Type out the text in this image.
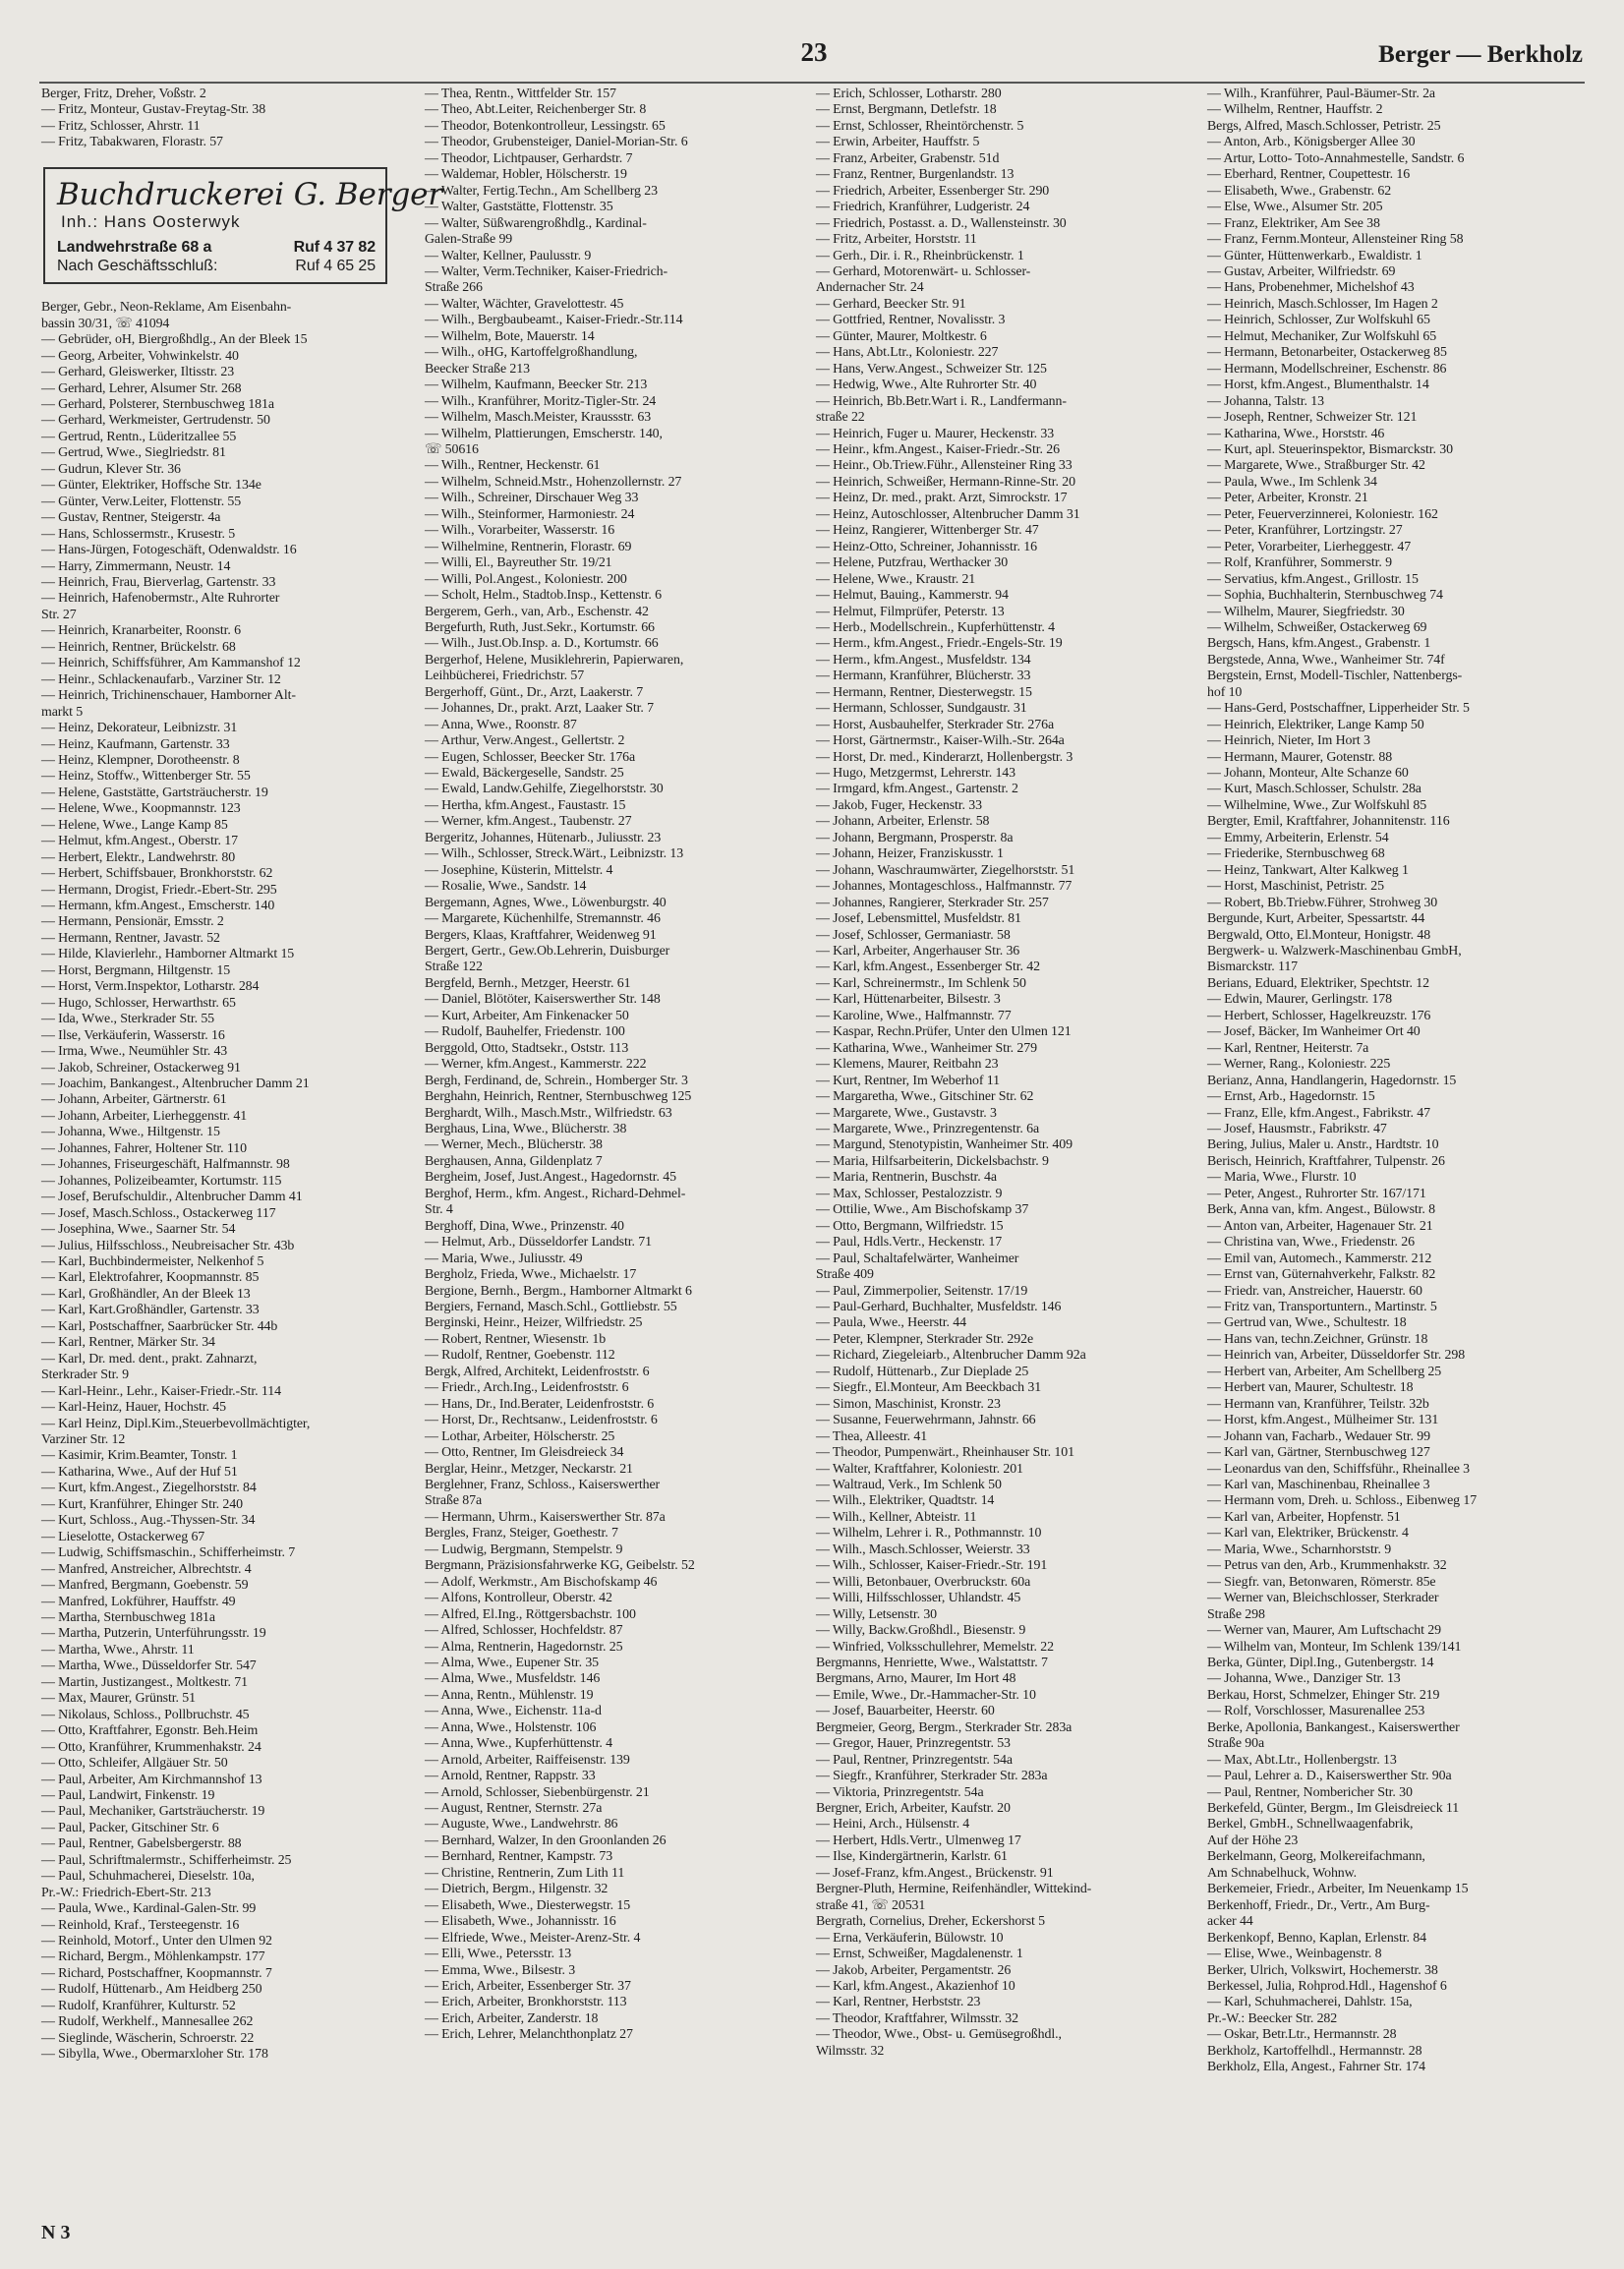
23	Berger — Berkholz
Berger, Fritz, Dreher, Voßstr. 2
— Fritz, Monteur, Gustav-Freytag-Str. 38
— Fritz, Schlosser, Ahrstr. 11
— Fritz, Tabakwaren, Florastr. 57
Buchdruckerei G. Berger
Inh.: Hans Oosterwyk
Landwehrstraße 68 a	Ruf 4 37 82
Nach Geschäftsschluß:	Ruf 4 65 25
Berger, Gebr., Neon-Reklame, Am Eisenbahn-
bassin 30/31, ☏ 41094
— Gebrüder, oH, Biergroßhdlg., An der Bleek 15
— Georg, Arbeiter, Vohwinkelstr. 40
— Gerhard, Gleiswerker, Iltisstr. 23
— Gerhard, Lehrer, Alsumer Str. 268
— Gerhard, Polsterer, Sternbuschweg 181a
— Gerhard, Werkmeister, Gertrudenstr. 50
— Gertrud, Rentn., Lüderitzallee 55
— Gertrud, Wwe., Sieglriedstr. 81
— Gudrun, Klever Str. 36
— Günter, Elektriker, Hoffsche Str. 134e
— Günter, Verw.Leiter, Flottenstr. 55
— Gustav, Rentner, Steigerstr. 4a
— Hans, Schlossermstr., Krusestr. 5
— Hans-Jürgen, Fotogeschäft, Odenwaldstr. 16
— Harry, Zimmermann, Neustr. 14
— Heinrich, Frau, Bierverlag, Gartenstr. 33
— Heinrich, Hafenobermstr., Alte Ruhrorter
Str. 27
— Heinrich, Kranarbeiter, Roonstr. 6
— Heinrich, Rentner, Brückelstr. 68
— Heinrich, Schiffsführer, Am Kammanshof 12
— Heinr., Schlackenaufarb., Varziner Str. 12
— Heinrich, Trichinenschauer, Hamborner Alt-
markt 5
— Heinz, Dekorateur, Leibnizstr. 31
— Heinz, Kaufmann, Gartenstr. 33
— Heinz, Klempner, Dorotheenstr. 8
— Heinz, Stoffw., Wittenberger Str. 55
— Helene, Gaststätte, Gartsträucherstr. 19
— Helene, Wwe., Koopmannstr. 123
— Helene, Wwe., Lange Kamp 85
— Helmut, kfm.Angest., Oberstr. 17
— Herbert, Elektr., Landwehrstr. 80
— Herbert, Schiffsbauer, Bronkhorststr. 62
— Hermann, Drogist, Friedr.-Ebert-Str. 295
— Hermann, kfm.Angest., Emscherstr. 140
— Hermann, Pensionär, Emsstr. 2
— Hermann, Rentner, Javastr. 52
— Hilde, Klavierlehr., Hamborner Altmarkt 15
— Horst, Bergmann, Hiltgenstr. 15
— Horst, Verm.Inspektor, Lotharstr. 284
— Hugo, Schlosser, Herwarthstr. 65
— Ida, Wwe., Sterkrader Str. 55
— Ilse, Verkäuferin, Wasserstr. 16
— Irma, Wwe., Neumühler Str. 43
— Jakob, Schreiner, Ostackerweg 91
— Joachim, Bankangest., Altenbrucher Damm 21
— Johann, Arbeiter, Gärtnerstr. 61
— Johann, Arbeiter, Lierheggenstr. 41
— Johanna, Wwe., Hiltgenstr. 15
— Johannes, Fahrer, Holtener Str. 110
— Johannes, Friseurgeschäft, Halfmannstr. 98
— Johannes, Polizeibeamter, Kortumstr. 115
— Josef, Berufschuldir., Altenbrucher Damm 41
— Josef, Masch.Schloss., Ostackerweg 117
— Josephina, Wwe., Saarner Str. 54
— Julius, Hilfsschloss., Neubreisacher Str. 43b
— Karl, Buchbindermeister, Nelkenhof 5
— Karl, Elektrofahrer, Koopmannstr. 85
— Karl, Großhändler, An der Bleek 13
— Karl, Kart.Großhändler, Gartenstr. 33
— Karl, Postschaffner, Saarbrücker Str. 44b
— Karl, Rentner, Märker Str. 34
— Karl, Dr. med. dent., prakt. Zahnarzt,
Sterkrader Str. 9
— Karl-Heinr., Lehr., Kaiser-Friedr.-Str. 114
— Karl-Heinz, Hauer, Hochstr. 45
— Karl Heinz, Dipl.Kim.,Steuerbevollmächtigter,
Varziner Str. 12
— Kasimir, Krim.Beamter, Tonstr. 1
— Katharina, Wwe., Auf der Huf 51
— Kurt, kfm.Angest., Ziegelhorststr. 84
— Kurt, Kranführer, Ehinger Str. 240
— Kurt, Schloss., Aug.-Thyssen-Str. 34
— Lieselotte, Ostackerweg 67
— Ludwig, Schiffsmaschin., Schifferheimstr. 7
— Manfred, Anstreicher, Albrechtstr. 4
— Manfred, Bergmann, Goebenstr. 59
— Manfred, Lokführer, Hauffstr. 49
— Martha, Sternbuschweg 181a
— Martha, Putzerin, Unterführungsstr. 19
— Martha, Wwe., Ahrstr. 11
— Martha, Wwe., Düsseldorfer Str. 547
— Martin, Justizangest., Moltkestr. 71
— Max, Maurer, Grünstr. 51
— Nikolaus, Schloss., Pollbruchstr. 45
— Otto, Kraftfahrer, Egonstr. Beh.Heim
— Otto, Kranführer, Krummenhakstr. 24
— Otto, Schleifer, Allgäuer Str. 50
— Paul, Arbeiter, Am Kirchmannshof 13
— Paul, Landwirt, Finkenstr. 19
— Paul, Mechaniker, Gartsträucherstr. 19
— Paul, Packer, Gitschiner Str. 6
— Paul, Rentner, Gabelsbergerstr. 88
— Paul, Schriftmalermstr., Schifferheimstr. 25
— Paul, Schuhmacherei, Dieselstr. 10a,
Pr.-W.: Friedrich-Ebert-Str. 213
— Paula, Wwe., Kardinal-Galen-Str. 99
— Reinhold, Kraf., Tersteegenstr. 16
— Reinhold, Motorf., Unter den Ulmen 92
— Richard, Bergm., Möhlenkampstr. 177
— Richard, Postschaffner, Koopmannstr. 7
— Rudolf, Hüttenarb., Am Heidberg 250
— Rudolf, Kranführer, Kulturstr. 52
— Rudolf, Werkhelf., Mannesallee 262
— Sieglinde, Wäscherin, Schroerstr. 22
— Sibylla, Wwe., Obermarxloher Str. 178
— Thea, Rentn., Wittfelder Str. 157
— Theo, Abt.Leiter, Reichenberger Str. 8
— Theodor, Botenkontrolleur, Lessingstr. 65
— Theodor, Grubensteiger, Daniel-Morian-Str. 6
— Theodor, Lichtpauser, Gerhardstr. 7
— Waldemar, Hobler, Hölscherstr. 19
— Walter, Fertig.Techn., Am Schellberg 23
— Walter, Gaststätte, Flottenstr. 35
— Walter, Süßwarengroßhdlg., Kardinal-
Galen-Straße 99
— Walter, Kellner, Paulusstr. 9
— Walter, Verm.Techniker, Kaiser-Friedrich-
Straße 266
— Walter, Wächter, Gravelottestr. 45
— Wilh., Bergbaubeamt., Kaiser-Friedr.-Str.114
— Wilhelm, Bote, Mauerstr. 14
— Wilh., oHG, Kartoffelgroßhandlung,
Beecker Straße 213
— Wilhelm, Kaufmann, Beecker Str. 213
— Wilh., Kranführer, Moritz-Tigler-Str. 24
— Wilhelm, Masch.Meister, Kraussstr. 63
— Wilhelm, Plattierungen, Emscherstr. 140,
☏ 50616
— Wilh., Rentner, Heckenstr. 61
— Wilhelm, Schneid.Mstr., Hohenzollernstr. 27
— Wilh., Schreiner, Dirschauer Weg 33
— Wilh., Steinformer, Harmoniestr. 24
— Wilh., Vorarbeiter, Wasserstr. 16
— Wilhelmine, Rentnerin, Florastr. 69
— Willi, El., Bayreuther Str. 19/21
— Willi, Pol.Angest., Koloniestr. 200
— Scholt, Helm., Stadtob.Insp., Kettenstr. 6
Bergerem, Gerh., van, Arb., Eschenstr. 42
Bergefurth, Ruth, Just.Sekr., Kortumstr. 66
— Wilh., Just.Ob.Insp. a. D., Kortumstr. 66
Bergerhof, Helene, Musiklehrerin, Papierwaren,
Leihbücherei, Friedrichstr. 57
Bergerhoff, Günt., Dr., Arzt, Laakerstr. 7
— Johannes, Dr., prakt. Arzt, Laaker Str. 7
— Anna, Wwe., Roonstr. 87
— Arthur, Verw.Angest., Gellertstr. 2
— Eugen, Schlosser, Beecker Str. 176a
— Ewald, Bäckergeselle, Sandstr. 25
— Ewald, Landw.Gehilfe, Ziegelhorststr. 30
— Hertha, kfm.Angest., Faustastr. 15
— Werner, kfm.Angest., Taubenstr. 27
Bergeritz, Johannes, Hütenarb., Juliusstr. 23
— Wilh., Schlosser, Streck.Wärt., Leibnizstr. 13
— Josephine, Küsterin, Mittelstr. 4
— Rosalie, Wwe., Sandstr. 14
Bergemann, Agnes, Wwe., Löwenburgstr. 40
— Margarete, Küchenhilfe, Stremannstr. 46
Bergers, Klaas, Kraftfahrer, Weidenweg 91
Bergert, Gertr., Gew.Ob.Lehrerin, Duisburger
Straße 122
Bergfeld, Bernh., Metzger, Heerstr. 61
— Daniel, Blötöter, Kaiserswerther Str. 148
— Kurt, Arbeiter, Am Finkenacker 50
— Rudolf, Bauhelfer, Friedenstr. 100
Berggold, Otto, Stadtsekr., Oststr. 113
— Werner, kfm.Angest., Kammerstr. 222
Bergh, Ferdinand, de, Schrein., Homberger Str. 3
Berghahn, Heinrich, Rentner, Sternbuschweg 125
Berghardt, Wilh., Masch.Mstr., Wilfriedstr. 63
Berghaus, Lina, Wwe., Blücherstr. 38
— Werner, Mech., Blücherstr. 38
Berghausen, Anna, Gildenplatz 7
Bergheim, Josef, Just.Angest., Hagedornstr. 45
Berghof, Herm., kfm. Angest., Richard-Dehmel-
Str. 4
Berghoff, Dina, Wwe., Prinzenstr. 40
— Helmut, Arb., Düsseldorfer Landstr. 71
— Maria, Wwe., Juliusstr. 49
Bergholz, Frieda, Wwe., Michaelstr. 17
Bergione, Bernh., Bergm., Hamborner Altmarkt 6
Bergiers, Fernand, Masch.Schl., Gottliebstr. 55
Berginski, Heinr., Heizer, Wilfriedstr. 25
— Robert, Rentner, Wiesenstr. 1b
— Rudolf, Rentner, Goebenstr. 112
Bergk, Alfred, Architekt, Leidenfroststr. 6
— Friedr., Arch.Ing., Leidenfroststr. 6
— Hans, Dr., Ind.Berater, Leidenfroststr. 6
— Horst, Dr., Rechtsanw., Leidenfroststr. 6
— Lothar, Arbeiter, Hölscherstr. 25
— Otto, Rentner, Im Gleisdreieck 34
Berglar, Heinr., Metzger, Neckarstr. 21
Berglehner, Franz, Schloss., Kaiserswerther
Straße 87a
— Hermann, Uhrm., Kaiserswerther Str. 87a
Bergles, Franz, Steiger, Goethestr. 7
— Ludwig, Bergmann, Stempelstr. 9
Bergmann, Präzisionsfahrwerke KG, Geibelstr. 52
— Adolf, Werkmstr., Am Bischofskamp 46
— Alfons, Kontrolleur, Oberstr. 42
— Alfred, El.Ing., Röttgersbachstr. 100
— Alfred, Schlosser, Hochfeldstr. 87
— Alma, Rentnerin, Hagedornstr. 25
— Alma, Wwe., Eupener Str. 35
— Alma, Wwe., Musfeldstr. 146
— Anna, Rentn., Mühlenstr. 19
— Anna, Wwe., Eichenstr. 11a-d
— Anna, Wwe., Holstenstr. 106
— Anna, Wwe., Kupferhüttenstr. 4
— Arnold, Arbeiter, Raiffeisenstr. 139
— Arnold, Rentner, Rappstr. 33
— Arnold, Schlosser, Siebenbürgenstr. 21
— August, Rentner, Sternstr. 27a
— Auguste, Wwe., Landwehrstr. 86
— Bernhard, Walzer, In den Groonlanden 26
— Bernhard, Rentner, Kampstr. 73
— Christine, Rentnerin, Zum Lith 11
— Dietrich, Bergm., Hilgenstr. 32
— Elisabeth, Wwe., Diesterwegstr. 15
— Elisabeth, Wwe., Johannisstr. 16
— Elfriede, Wwe., Meister-Arenz-Str. 4
— Elli, Wwe., Petersstr. 13
— Emma, Wwe., Bilsestr. 3
— Erich, Arbeiter, Essenberger Str. 37
— Erich, Arbeiter, Bronkhorststr. 113
— Erich, Arbeiter, Zanderstr. 18
— Erich, Lehrer, Melanchthonplatz 27
— Erich, Schlosser, Lotharstr. 280
— Ernst, Bergmann, Detlefstr. 18
— Ernst, Schlosser, Rheintörchenstr. 5
— Erwin, Arbeiter, Hauffstr. 5
— Franz, Arbeiter, Grabenstr. 51d
— Franz, Rentner, Burgenlandstr. 13
— Friedrich, Arbeiter, Essenberger Str. 290
— Friedrich, Kranführer, Ludgeristr. 24
— Friedrich, Postasst. a. D., Wallensteinstr. 30
— Fritz, Arbeiter, Horststr. 11
— Gerh., Dir. i. R., Rheinbrückenstr. 1
— Gerhard, Motorenwärt- u. Schlosser-
Andernacher Str. 24
— Gerhard, Beecker Str. 91
— Gottfried, Rentner, Novalisstr. 3
— Günter, Maurer, Moltkestr. 6
— Hans, Abt.Ltr., Koloniestr. 227
— Hans, Verw.Angest., Schweizer Str. 125
— Hedwig, Wwe., Alte Ruhrorter Str. 40
— Heinrich, Bb.Betr.Wart i. R., Landfermann-
straße 22
— Heinrich, Fuger u. Maurer, Heckenstr. 33
— Heinr., kfm.Angest., Kaiser-Friedr.-Str. 26
— Heinr., Ob.Triew.Führ., Allensteiner Ring 33
— Heinrich, Schweißer, Hermann-Rinne-Str. 20
— Heinz, Dr. med., prakt. Arzt, Simrockstr. 17
— Heinz, Autoschlosser, Altenbrucher Damm 31
— Heinz, Rangierer, Wittenberger Str. 47
— Heinz-Otto, Schreiner, Johannisstr. 16
— Helene, Putzfrau, Werthacker 30
— Helene, Wwe., Kraustr. 21
— Helmut, Bauing., Kammerstr. 94
— Helmut, Filmprüfer, Peterstr. 13
— Herb., Modellschrein., Kupferhüttenstr. 4
— Herm., kfm.Angest., Friedr.-Engels-Str. 19
— Herm., kfm.Angest., Musfeldstr. 134
— Hermann, Kranführer, Blücherstr. 33
— Hermann, Rentner, Diesterwegstr. 15
— Hermann, Schlosser, Sundgaustr. 31
— Horst, Ausbauhelfer, Sterkrader Str. 276a
— Horst, Gärtnermstr., Kaiser-Wilh.-Str. 264a
— Horst, Dr. med., Kinderarzt, Hollenbergstr. 3
— Hugo, Metzgermst, Lehrerstr. 143
— Irmgard, kfm.Angest., Gartenstr. 2
— Jakob, Fuger, Heckenstr. 33
— Johann, Arbeiter, Erlenstr. 58
— Johann, Bergmann, Prosperstr. 8a
— Johann, Heizer, Franziskusstr. 1
— Johann, Waschraumwärter, Ziegelhorststr. 51
— Johannes, Montageschloss., Halfmannstr. 77
— Johannes, Rangierer, Sterkrader Str. 257
— Josef, Lebensmittel, Musfeldstr. 81
— Josef, Schlosser, Germaniastr. 58
— Karl, Arbeiter, Angerhauser Str. 36
— Karl, kfm.Angest., Essenberger Str. 42
— Karl, Schreinermstr., Im Schlenk 50
— Karl, Hüttenarbeiter, Bilsestr. 3
— Karoline, Wwe., Halfmannstr. 77
— Kaspar, Rechn.Prüfer, Unter den Ulmen 121
— Katharina, Wwe., Wanheimer Str. 279
— Klemens, Maurer, Reitbahn 23
— Kurt, Rentner, Im Weberhof 11
— Margaretha, Wwe., Gitschiner Str. 62
— Margarete, Wwe., Gustavstr. 3
— Margarete, Wwe., Prinzregentenstr. 6a
— Margund, Stenotypistin, Wanheimer Str. 409
— Maria, Hilfsarbeiterin, Dickelsbachstr. 9
— Maria, Rentnerin, Buschstr. 4a
— Max, Schlosser, Pestalozzistr. 9
— Ottilie, Wwe., Am Bischofskamp 37
— Otto, Bergmann, Wilfriedstr. 15
— Paul, Hdls.Vertr., Heckenstr. 17
— Paul, Schaltafelwärter, Wanheimer
Straße 409
— Paul, Zimmerpolier, Seitenstr. 17/19
— Paul-Gerhard, Buchhalter, Musfeldstr. 146
— Paula, Wwe., Heerstr. 44
— Peter, Klempner, Sterkrader Str. 292e
— Richard, Ziegeleiarb., Altenbrucher Damm 92a
— Rudolf, Hüttenarb., Zur Dieplade 25
— Siegfr., El.Monteur, Am Beeckbach 31
— Simon, Maschinist, Kronstr. 23
— Susanne, Feuerwehrmann, Jahnstr. 66
— Thea, Alleestr. 41
— Theodor, Pumpenwärt., Rheinhauser Str. 101
— Walter, Kraftfahrer, Koloniestr. 201
— Waltraud, Verk., Im Schlenk 50
— Wilh., Elektriker, Quadtstr. 14
— Wilh., Kellner, Abteistr. 11
— Wilhelm, Lehrer i. R., Pothmannstr. 10
— Wilh., Masch.Schlosser, Weierstr. 33
— Wilh., Schlosser, Kaiser-Friedr.-Str. 191
— Willi, Betonbauer, Overbruckstr. 60a
— Willi, Hilfsschlosser, Uhlandstr. 45
— Willy, Letsenstr. 30
— Willy, Backw.Großhdl., Biesenstr. 9
— Winfried, Volksschullehrer, Memelstr. 22
Bergmanns, Henriette, Wwe., Walstattstr. 7
Bergmans, Arno, Maurer, Im Hort 48
— Emile, Wwe., Dr.-Hammacher-Str. 10
— Josef, Bauarbeiter, Heerstr. 60
Bergmeier, Georg, Bergm., Sterkrader Str. 283a
— Gregor, Hauer, Prinzregentstr. 53
— Paul, Rentner, Prinzregentstr. 54a
— Siegfr., Kranführer, Sterkrader Str. 283a
— Viktoria, Prinzregentstr. 54a
Bergner, Erich, Arbeiter, Kaufstr. 20
— Heini, Arch., Hülsenstr. 4
— Herbert, Hdls.Vertr., Ulmenweg 17
— Ilse, Kindergärtnerin, Karlstr. 61
— Josef-Franz, kfm.Angest., Brückenstr. 91
Bergner-Pluth, Hermine, Reifenhändler, Wittekind-
straße 41, ☏ 20531
Bergrath, Cornelius, Dreher, Eckershorst 5
— Erna, Verkäuferin, Bülowstr. 10
— Ernst, Schweißer, Magdalenenstr. 1
— Jakob, Arbeiter, Pergamentstr. 26
— Karl, kfm.Angest., Akazienhof 10
— Karl, Rentner, Herbststr. 23
— Theodor, Kraftfahrer, Wilmsstr. 32
— Theodor, Wwe., Obst- u. Gemüsegroßhdl.,
Wilmsstr. 32
— Wilh., Kranführer, Paul-Bäumer-Str. 2a
— Wilhelm, Rentner, Hauffstr. 2
Bergs, Alfred, Masch.Schlosser, Petristr. 25
— Anton, Arb., Königsberger Allee 30
— Artur, Lotto- Toto-Annahmestelle, Sandstr. 6
— Eberhard, Rentner, Coupettestr. 16
— Elisabeth, Wwe., Grabenstr. 62
— Else, Wwe., Alsumer Str. 205
— Franz, Elektriker, Am See 38
— Franz, Fernm.Monteur, Allensteiner Ring 58
— Günter, Hüttenwerkarb., Ewaldistr. 1
— Gustav, Arbeiter, Wilfriedstr. 69
— Hans, Probenehmer, Michelshof 43
— Heinrich, Masch.Schlosser, Im Hagen 2
— Heinrich, Schlosser, Zur Wolfskuhl 65
— Helmut, Mechaniker, Zur Wolfskuhl 65
— Hermann, Betonarbeiter, Ostackerweg 85
— Hermann, Modellschreiner, Eschenstr. 86
— Horst, kfm.Angest., Blumenthalstr. 14
— Johanna, Talstr. 13
— Joseph, Rentner, Schweizer Str. 121
— Katharina, Wwe., Horststr. 46
— Kurt, apl. Steuerinspektor, Bismarckstr. 30
— Margarete, Wwe., Straßburger Str. 42
— Paula, Wwe., Im Schlenk 34
— Peter, Arbeiter, Kronstr. 21
— Peter, Feuerverzinnerei, Koloniestr. 162
— Peter, Kranführer, Lortzingstr. 27
— Peter, Vorarbeiter, Lierheggestr. 47
— Rolf, Kranführer, Sommerstr. 9
— Servatius, kfm.Angest., Grillostr. 15
— Sophia, Buchhalterin, Sternbuschweg 74
— Wilhelm, Maurer, Siegfriedstr. 30
— Wilhelm, Schweißer, Ostackerweg 69
Bergsch, Hans, kfm.Angest., Grabenstr. 1
Bergstede, Anna, Wwe., Wanheimer Str. 74f
Bergstein, Ernst, Modell-Tischler, Nattenbergs-
hof 10
— Hans-Gerd, Postschaffner, Lipperheider Str. 5
— Heinrich, Elektriker, Lange Kamp 50
— Heinrich, Nieter, Im Hort 3
— Hermann, Maurer, Gotenstr. 88
— Johann, Monteur, Alte Schanze 60
— Kurt, Masch.Schlosser, Schulstr. 28a
— Wilhelmine, Wwe., Zur Wolfskuhl 85
Bergter, Emil, Kraftfahrer, Johannitenstr. 116
— Emmy, Arbeiterin, Erlenstr. 54
— Friederike, Sternbuschweg 68
— Heinz, Tankwart, Alter Kalkweg 1
— Horst, Maschinist, Petristr. 25
— Robert, Bb.Triebw.Führer, Strohweg 30
Bergunde, Kurt, Arbeiter, Spessartstr. 44
Bergwald, Otto, El.Monteur, Honigstr. 48
Bergwerk- u. Walzwerk-Maschinenbau GmbH,
Bismarckstr. 117
Berians, Eduard, Elektriker, Spechtstr. 12
— Edwin, Maurer, Gerlingstr. 178
— Herbert, Schlosser, Hagelkreuzstr. 176
— Josef, Bäcker, Im Wanheimer Ort 40
— Karl, Rentner, Heiterstr. 7a
— Werner, Rang., Koloniestr. 225
Berianz, Anna, Handlangerin, Hagedornstr. 15
— Ernst, Arb., Hagedornstr. 15
— Franz, Elle, kfm.Angest., Fabrikstr. 47
— Josef, Hausmstr., Fabrikstr. 47
Bering, Julius, Maler u. Anstr., Hardtstr. 10
Berisch, Heinrich, Kraftfahrer, Tulpenstr. 26
— Maria, Wwe., Flurstr. 10
— Peter, Angest., Ruhrorter Str. 167/171
Berk, Anna van, kfm. Angest., Bülowstr. 8
— Anton van, Arbeiter, Hagenauer Str. 21
— Christina van, Wwe., Friedenstr. 26
— Emil van, Automech., Kammerstr. 212
— Ernst van, Güternahverkehr, Falkstr. 82
— Friedr. van, Anstreicher, Hauerstr. 60
— Fritz van, Transportuntern., Martinstr. 5
— Gertrud van, Wwe., Schultestr. 18
— Hans van, techn.Zeichner, Grünstr. 18
— Heinrich van, Arbeiter, Düsseldorfer Str. 298
— Herbert van, Arbeiter, Am Schellberg 25
— Herbert van, Maurer, Schultestr. 18
— Hermann van, Kranführer, Teilstr. 32b
— Horst, kfm.Angest., Mülheimer Str. 131
— Johann van, Facharb., Wedauer Str. 99
— Karl van, Gärtner, Sternbuschweg 127
— Leonardus van den, Schiffsführ., Rheinallee 3
— Karl van, Maschinenbau, Rheinallee 3
— Hermann vom, Dreh. u. Schloss., Eibenweg 17
— Karl van, Arbeiter, Hopfenstr. 51
— Karl van, Elektriker, Brückenstr. 4
— Maria, Wwe., Scharnhorststr. 9
— Petrus van den, Arb., Krummenhakstr. 32
— Siegfr. van, Betonwaren, Römerstr. 85e
— Werner van, Bleichschlosser, Sterkrader
Straße 298
— Werner van, Maurer, Am Luftschacht 29
— Wilhelm van, Monteur, Im Schlenk 139/141
Berka, Günter, Dipl.Ing., Gutenbergstr. 14
— Johanna, Wwe., Danziger Str. 13
Berkau, Horst, Schmelzer, Ehinger Str. 219
— Rolf, Vorschlosser, Masurenallee 253
Berke, Apollonia, Bankangest., Kaiserswerther
Straße 90a
— Max, Abt.Ltr., Hollenbergstr. 13
— Paul, Lehrer a. D., Kaiserswerther Str. 90a
— Paul, Rentner, Nombericher Str. 30
Berkefeld, Günter, Bergm., Im Gleisdreieck 11
Berkel, GmbH., Schnellwaagenfabrik,
Auf der Höhe 23
Berkelmann, Georg, Molkereifachmann,
Am Schnabelhuck, Wohnw.
Berkemeier, Friedr., Arbeiter, Im Neuenkamp 15
Berkenhoff, Friedr., Dr., Vertr., Am Burg-
acker 44
Berkenkopf, Benno, Kaplan, Erlenstr. 84
— Elise, Wwe., Weinbagenstr. 8
Berker, Ulrich, Volkswirt, Hochemerstr. 38
Berkessel, Julia, Rohprod.Hdl., Hagenshof 6
— Karl, Schuhmacherei, Dahlstr. 15a,
Pr.-W.: Beecker Str. 282
— Oskar, Betr.Ltr., Hermannstr. 28
Berkholz, Kartoffelhdl., Hermannstr. 28
Berkholz, Ella, Angest., Fahrner Str. 174
N 3
